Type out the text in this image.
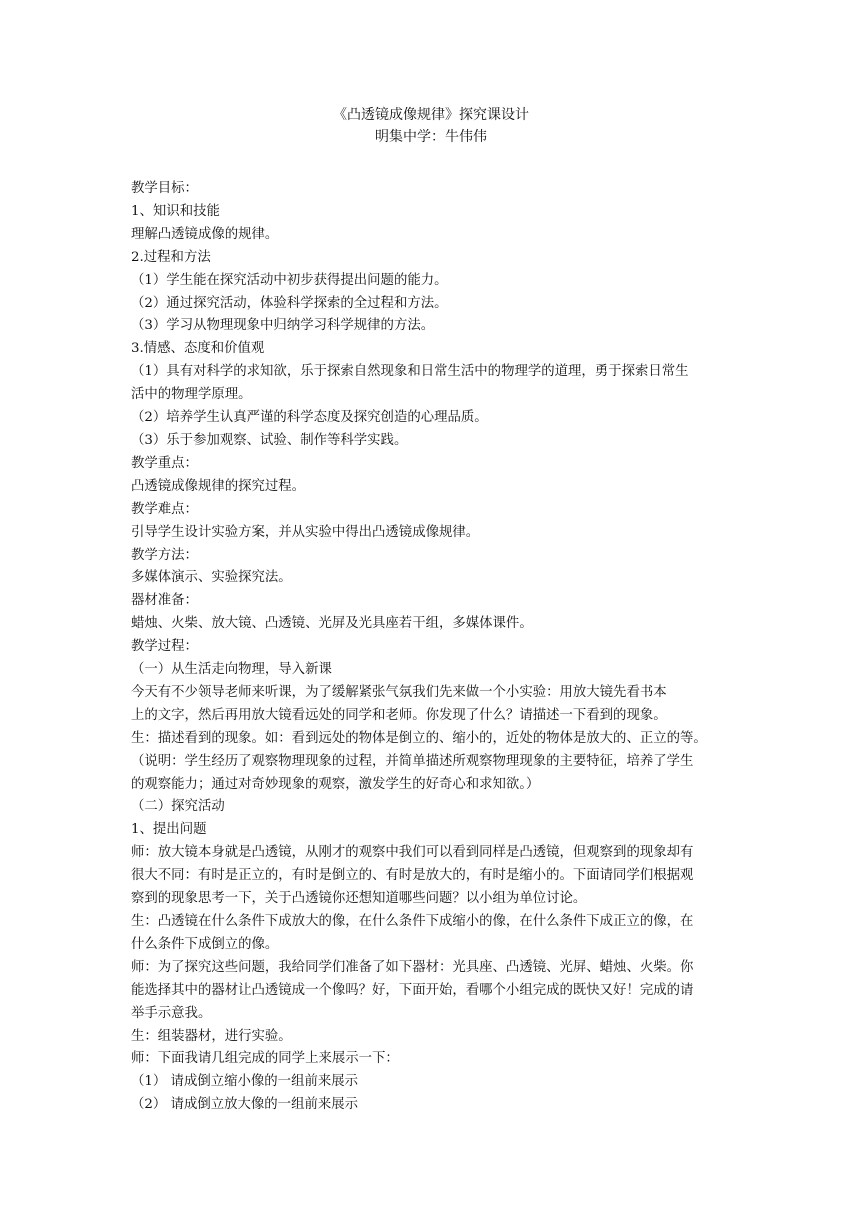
《凸透镜成像规律》探究课设计
明集中学：牛伟伟

教学目标：

1、知识和技能

理解凸透镜成像的规律。

2.过程和方法

（1）学生能在探究活动中初步获得提出问题的能力。

（2）通过探究活动，体验科学探索的全过程和方法。

（3）学习从物理现象中归纳学习科学规律的方法。

3.情感、态度和价值观

（1）具有对科学的求知欲，乐于探索自然现象和日常生活中的物理学的道理，勇于探索日常生

活中的物理学原理。

（2）培养学生认真严谨的科学态度及探究创造的心理品质。

（3）乐于参加观察、试验、制作等科学实践。

教学重点：

凸透镜成像规律的探究过程。

教学难点：

引导学生设计实验方案，并从实验中得出凸透镜成像规律。

教学方法：

多媒体演示、实验探究法。

器材准备：

蜡烛、火柴、放大镜、凸透镜、光屏及光具座若干组，多媒体课件。

教学过程：

（一）从生活走向物理，导入新课

今天有不少领导老师来听课，为了缓解紧张气氛我们先来做一个小实验：用放大镜先看书本

上的文字，然后再用放大镜看远处的同学和老师。你发现了什么？请描述一下看到的现象。

生：描述看到的现象。如：看到远处的物体是倒立的、缩小的，近处的物体是放大的、正立的等。

（说明：学生经历了观察物理现象的过程，并简单描述所观察物理现象的主要特征，培养了学生

的观察能力；通过对奇妙现象的观察，激发学生的好奇心和求知欲。）

（二）探究活动

1、提出问题

师：放大镜本身就是凸透镜，从刚才的观察中我们可以看到同样是凸透镜，但观察到的现象却有

很大不同：有时是正立的，有时是倒立的、有时是放大的，有时是缩小的。下面请同学们根据观

察到的现象思考一下，关于凸透镜你还想知道哪些问题？以小组为单位讨论。

生：凸透镜在什么条件下成放大的像，在什么条件下成缩小的像，在什么条件下成正立的像，在

什么条件下成倒立的像。

师：为了探究这些问题，我给同学们准备了如下器材：光具座、凸透镜、光屏、蜡烛、火柴。你

能选择其中的器材让凸透镜成一个像吗？好，下面开始，看哪个小组完成的既快又好！完成的请

举手示意我。

生：组装器材，进行实验。

师：下面我请几组完成的同学上来展示一下：

（1） 请成倒立缩小像的一组前来展示

（2） 请成倒立放大像的一组前来展示
